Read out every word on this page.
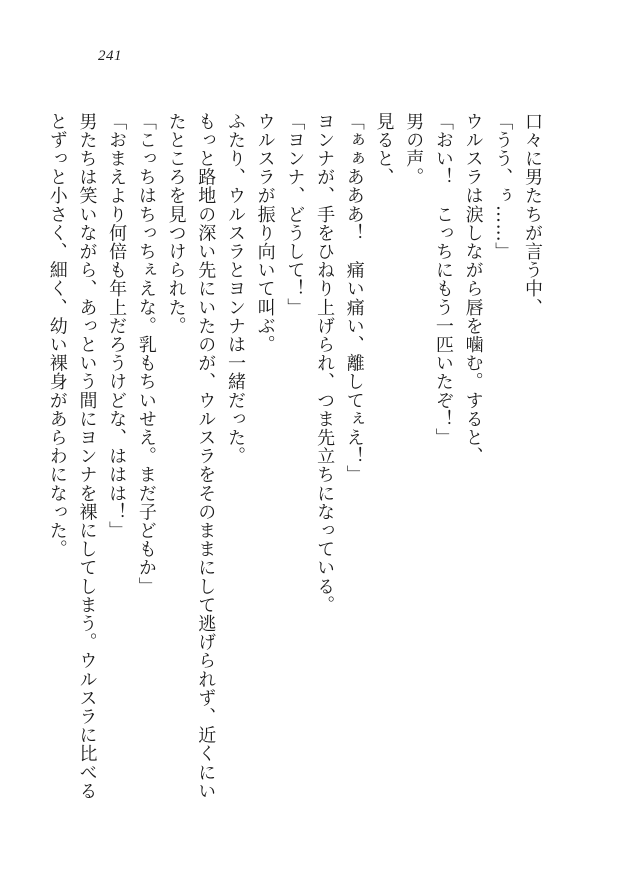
241
口々に男たちが言う中、
「うう、ぅ……」
ウルスラは涙しながら唇を噛む。すると、
「おい！　こっちにもう一匹いたぞ！」
男の声。
見ると、
「ぁぁあああ！　痛い痛い、離してぇえ！」
ヨンナが、手をひねり上げられ、つま先立ちになっている。
「ヨンナ、どうして！」
ウルスラが振り向いて叫ぶ。
ふたり、ウルスラとヨンナは一緒だった。
もっと路地の深い先にいたのが、ウルスラをそのままにして逃げられず、近くにい
たところを見つけられた。
「こっちはちっちぇえな。乳もちいせえ。まだ子どもか」
「おまえより何倍も年上だろうけどな、ははは！」
男たちは笑いながら、あっという間にヨンナを裸にしてしまう。ウルスラに比べる
とずっと小さく、細く、幼い裸身があらわになった。
